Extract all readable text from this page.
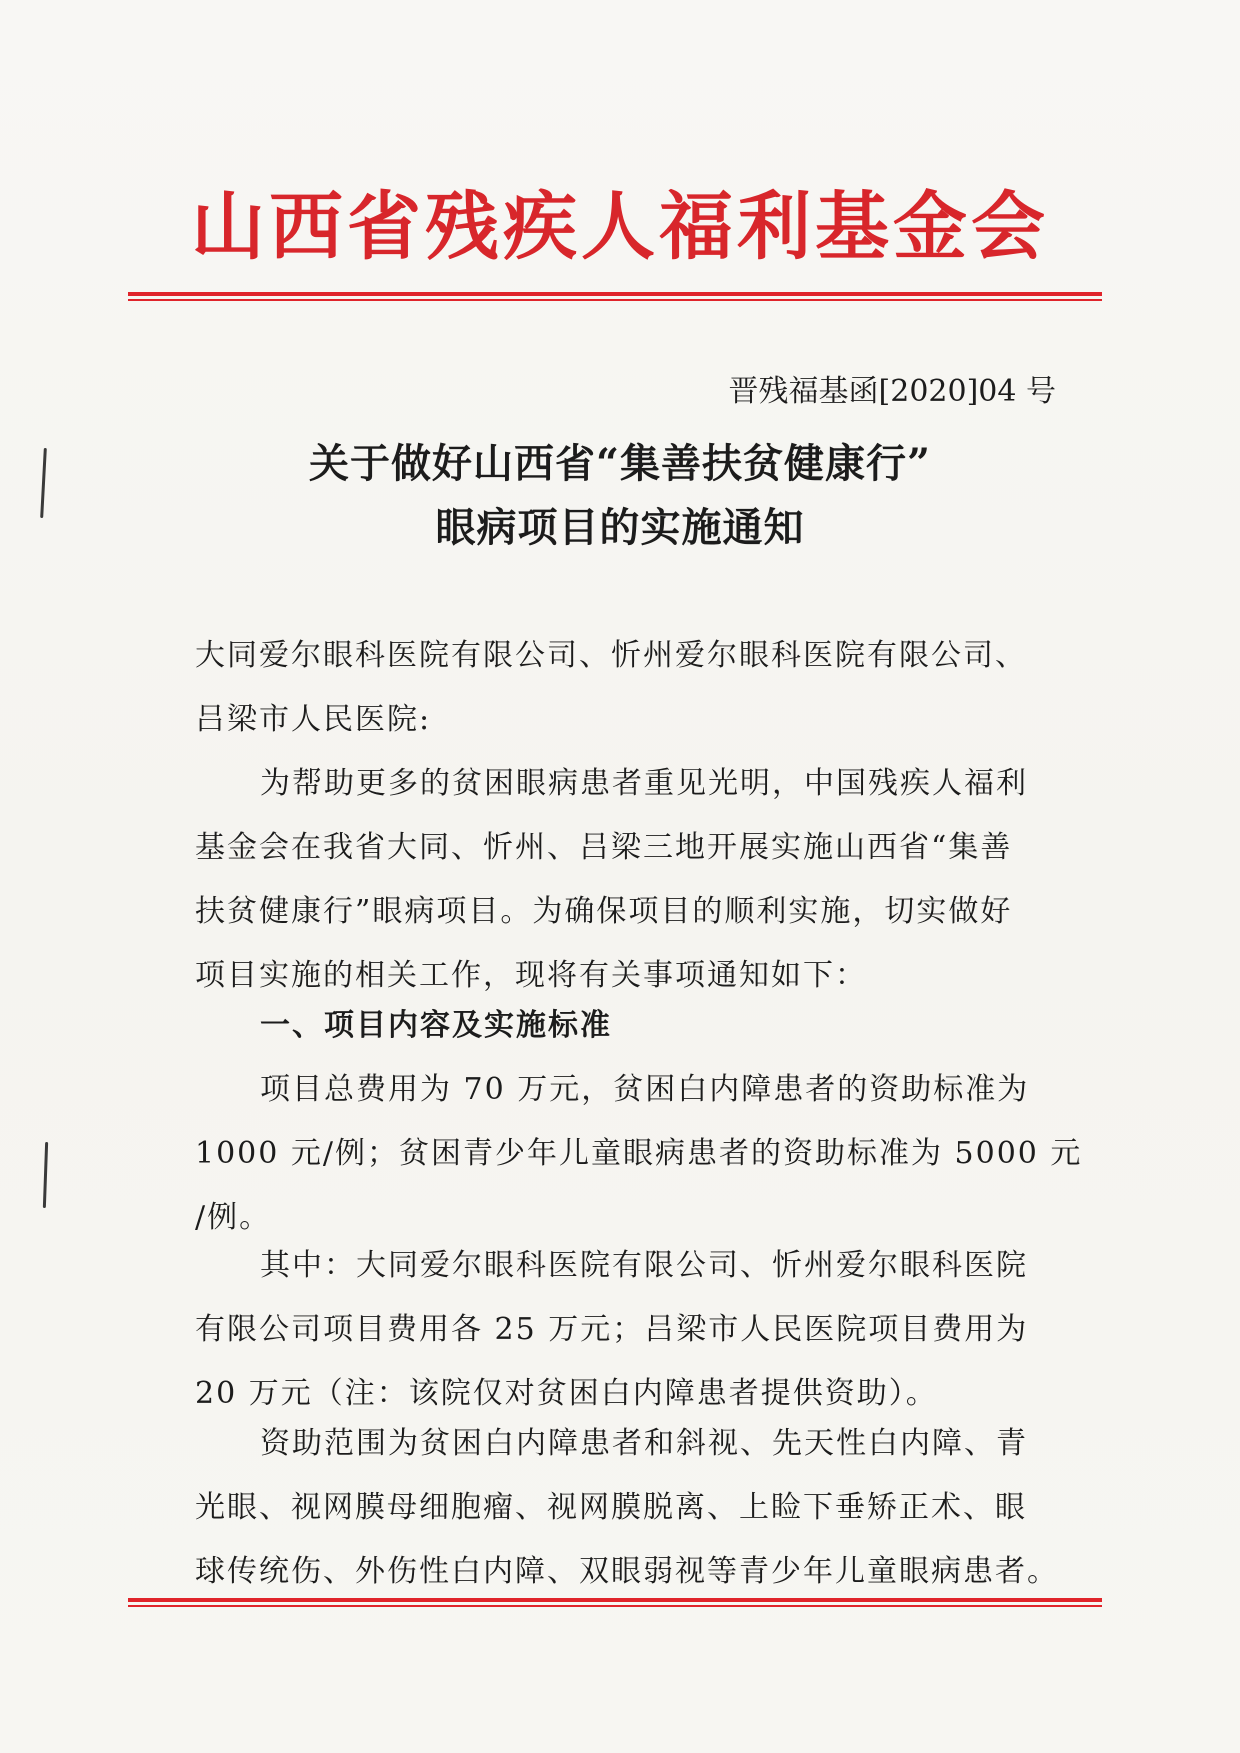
山西省残疾人福利基金会
晋残福基函[2020]04 号
关于做好山西省“集善扶贫健康行”
眼病项目的实施通知
大同爱尔眼科医院有限公司、忻州爱尔眼科医院有限公司、
吕梁市人民医院:
为帮助更多的贫困眼病患者重见光明，中国残疾人福利
基金会在我省大同、忻州、吕梁三地开展实施山西省“集善
扶贫健康行”眼病项目。为确保项目的顺利实施，切实做好
项目实施的相关工作，现将有关事项通知如下：
一、项目内容及实施标准
项目总费用为 70 万元，贫困白内障患者的资助标准为
1000 元/例；贫困青少年儿童眼病患者的资助标准为 5000 元
/例。
其中：大同爱尔眼科医院有限公司、忻州爱尔眼科医院
有限公司项目费用各 25 万元；吕梁市人民医院项目费用为
20 万元（注：该院仅对贫困白内障患者提供资助）。
资助范围为贫困白内障患者和斜视、先天性白内障、青
光眼、视网膜母细胞瘤、视网膜脱离、上睑下垂矫正术、眼
球传统伤、外伤性白内障、双眼弱视等青少年儿童眼病患者。
